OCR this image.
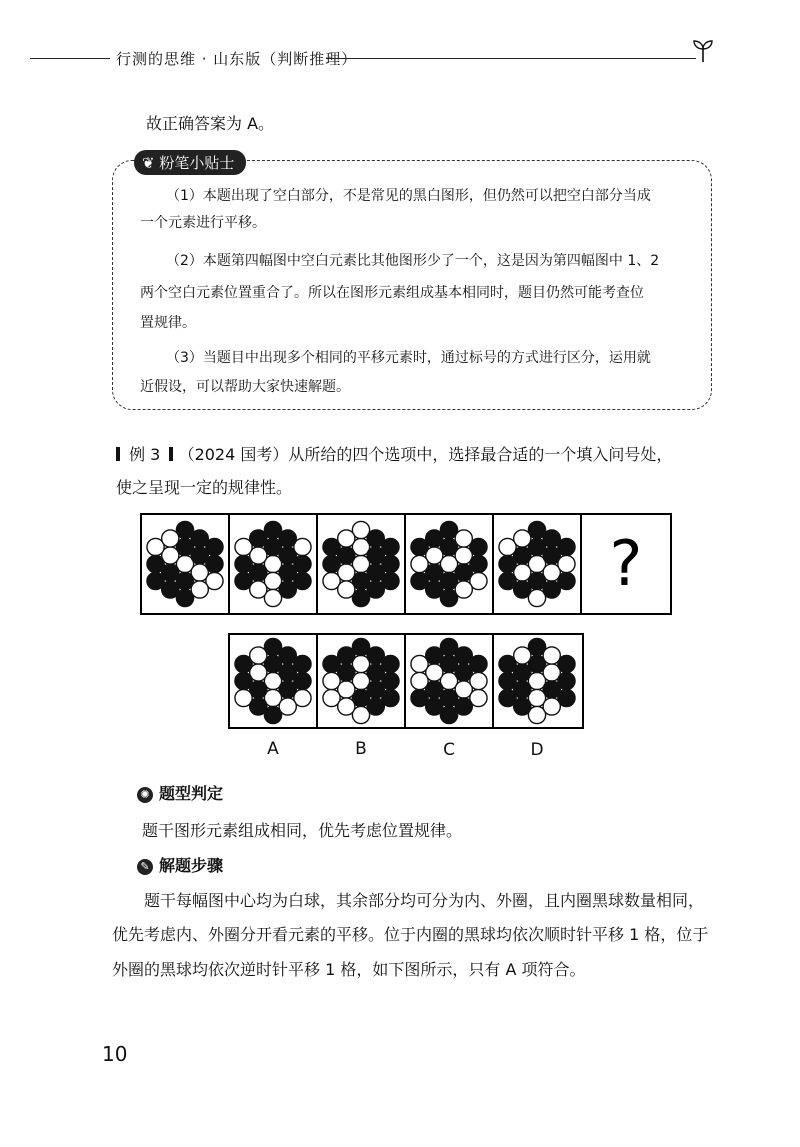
行测的思维 · 山东版（判断推理）
故正确答案为 A。
❦ 粉笔小贴士
（1）本题出现了空白部分，不是常见的黑白图形，但仍然可以把空白部分当成
一个元素进行平移。
（2）本题第四幅图中空白元素比其他图形少了一个，这是因为第四幅图中 1、2
两个空白元素位置重合了。所以在图形元素组成基本相同时，题目仍然可能考查位
置规律。
（3）当题目中出现多个相同的平移元素时，通过标号的方式进行区分，运用就
近假设，可以帮助大家快速解题。
例 3 （2024 国考）从所给的四个选项中，选择最合适的一个填入问号处，
使之呈现一定的规律性。
?
A	B	C	D
✺ 题型判定
题干图形元素组成相同，优先考虑位置规律。
✎ 解题步骤
题干每幅图中心均为白球，其余部分均可分为内、外圈，且内圈黑球数量相同，
优先考虑内、外圈分开看元素的平移。位于内圈的黑球均依次顺时针平移 1 格，位于
外圈的黑球均依次逆时针平移 1 格，如下图所示，只有 A 项符合。
10
